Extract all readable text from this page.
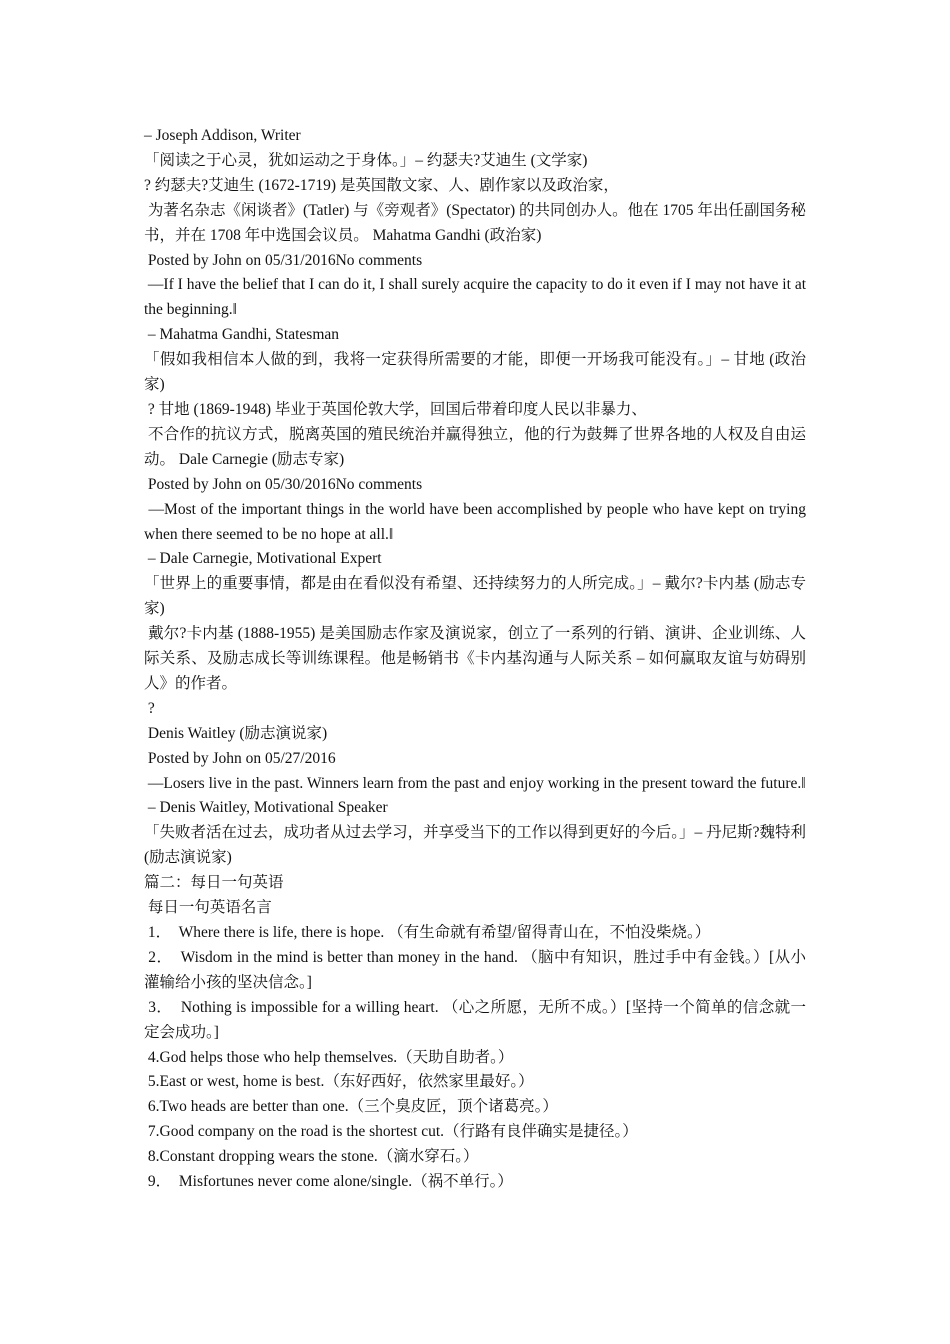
– Joseph Addison, Writer

「阅读之于心灵，犹如运动之于身体。」– 约瑟夫?艾迪生 (文学家)

? 约瑟夫?艾迪生 (1672-1719) 是英国散文家、人、剧作家以及政治家，

为著名杂志《闲谈者》(Tatler) 与《旁观者》(Spectator) 的共同创办人。他在 1705 年出任副国务秘书，并在 1708 年中选国会议员。 Mahatma Gandhi (政治家)

Posted by John on 05/31/2016No comments

—If I have the belief that I can do it, I shall surely acquire the capacity to do it even if I may not have it at the beginning.‖

– Mahatma Gandhi, Statesman

「假如我相信本人做的到，我将一定获得所需要的才能，即便一开场我可能没有。」– 甘地 (政治家)

? 甘地 (1869-1948) 毕业于英国伦敦大学，回国后带着印度人民以非暴力、

不合作的抗议方式，脱离英国的殖民统治并赢得独立，他的行为鼓舞了世界各地的人权及自由运动。 Dale Carnegie (励志专家)

Posted by John on 05/30/2016No comments

—Most of the important things in the world have been accomplished by people who have kept on trying when there seemed to be no hope at all.‖

– Dale Carnegie, Motivational Expert

「世界上的重要事情，都是由在看似没有希望、还持续努力的人所完成。」– 戴尔?卡内基 (励志专家)

戴尔?卡内基 (1888-1955) 是美国励志作家及演说家，创立了一系列的行销、演讲、企业训练、人际关系、及励志成长等训练课程。他是畅销书《卡内基沟通与人际关系 – 如何赢取友谊与妨碍别人》的作者。

?

Denis Waitley (励志演说家)

Posted by John on 05/27/2016

—Losers live in the past. Winners learn from the past and enjoy working in the present toward the future.‖

– Denis Waitley, Motivational Speaker

「失败者活在过去，成功者从过去学习，并享受当下的工作以得到更好的今后。」– 丹尼斯?魏特利 (励志演说家)

篇二：每日一句英语

每日一句英语名言

1．  Where there is life, there is hope. （有生命就有希望/留得青山在，不怕没柴烧。）

2．  Wisdom in the mind is better than money in the hand. （脑中有知识，胜过手中有金钱。）[从小灌输给小孩的坚决信念。]

3．  Nothing is impossible for a willing heart. （心之所愿，无所不成。）[坚持一个简单的信念就一定会成功。]

4.God helps those who help themselves.（天助自助者。）

5.East or west, home is best.（东好西好，依然家里最好。）

6.Two heads are better than one.（三个臭皮匠，顶个诸葛亮。）

7.Good company on the road is the shortest cut.（行路有良伴确实是捷径。）

8.Constant dropping wears the stone.（滴水穿石。）

9．  Misfortunes never come alone/single.（祸不单行。）
